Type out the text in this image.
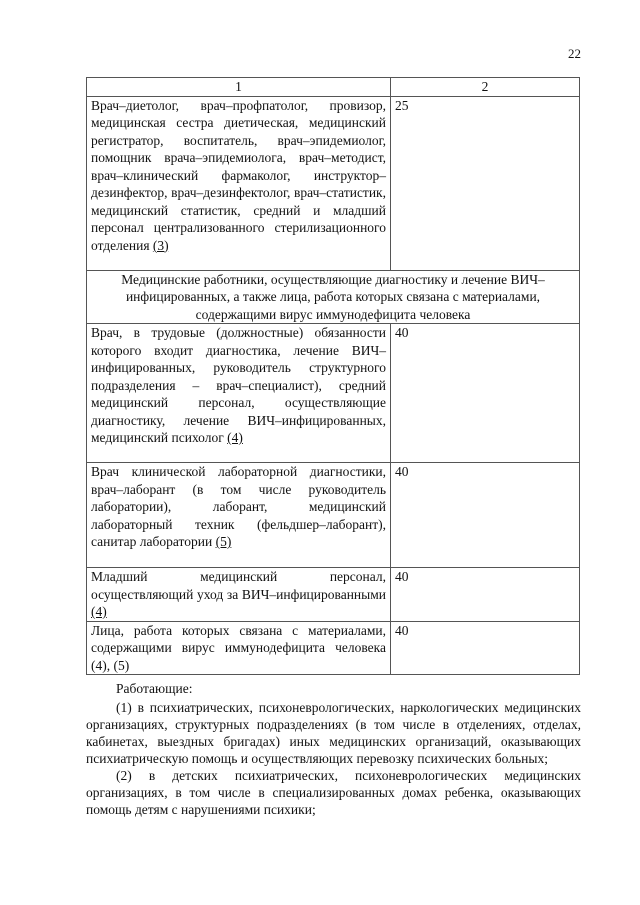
22
1	2
Врач–диетолог, врач–профпатолог, провизор, медицинская сестра диетическая, медицинский регистратор, воспитатель, врач–эпидемиолог, помощник врача–эпидемиолога, врач–методист, врач–клинический фармаколог, инструктор–дезинфектор, врач–дезинфектолог, врач–статистик, медицинский статистик, средний и младший персонал централизованного стерилизационного отделения (3)	25
Медицинские работники, осуществляющие диагностику и лечение ВИЧ–инфицированных, а также лица, работа которых связана с материалами, содержащими вирус иммунодефицита человека	
Врач, в трудовые (должностные) обязанности которого входит диагностика, лечение ВИЧ–инфицированных, руководитель структурного подразделения – врач–специалист), средний медицинский персонал, осуществляющие диагностику, лечение ВИЧ–инфицированных, медицинский психолог (4)	40
Врач клинической лабораторной диагностики, врач–лаборант (в том числе руководитель лаборатории), лаборант, медицинский лабораторный техник (фельдшер–лаборант), санитар лаборатории (5)	40
Младший медицинский персонал, осуществляющий уход за ВИЧ–инфицированными (4)	40
Лица, работа которых связана с материалами, содержащими вирус иммунодефицита человека (4), (5)	40

Работающие:

(1) в психиатрических, психоневрологических, наркологических медицинских организациях, структурных подразделениях (в том числе в отделениях, отделах, кабинетах, выездных бригадах) иных медицинских организаций, оказывающих психиатрическую помощь и осуществляющих перевозку психических больных;

(2) в детских психиатрических, психоневрологических медицинских организациях, в том числе в специализированных домах ребенка, оказывающих помощь детям с нарушениями психики;
